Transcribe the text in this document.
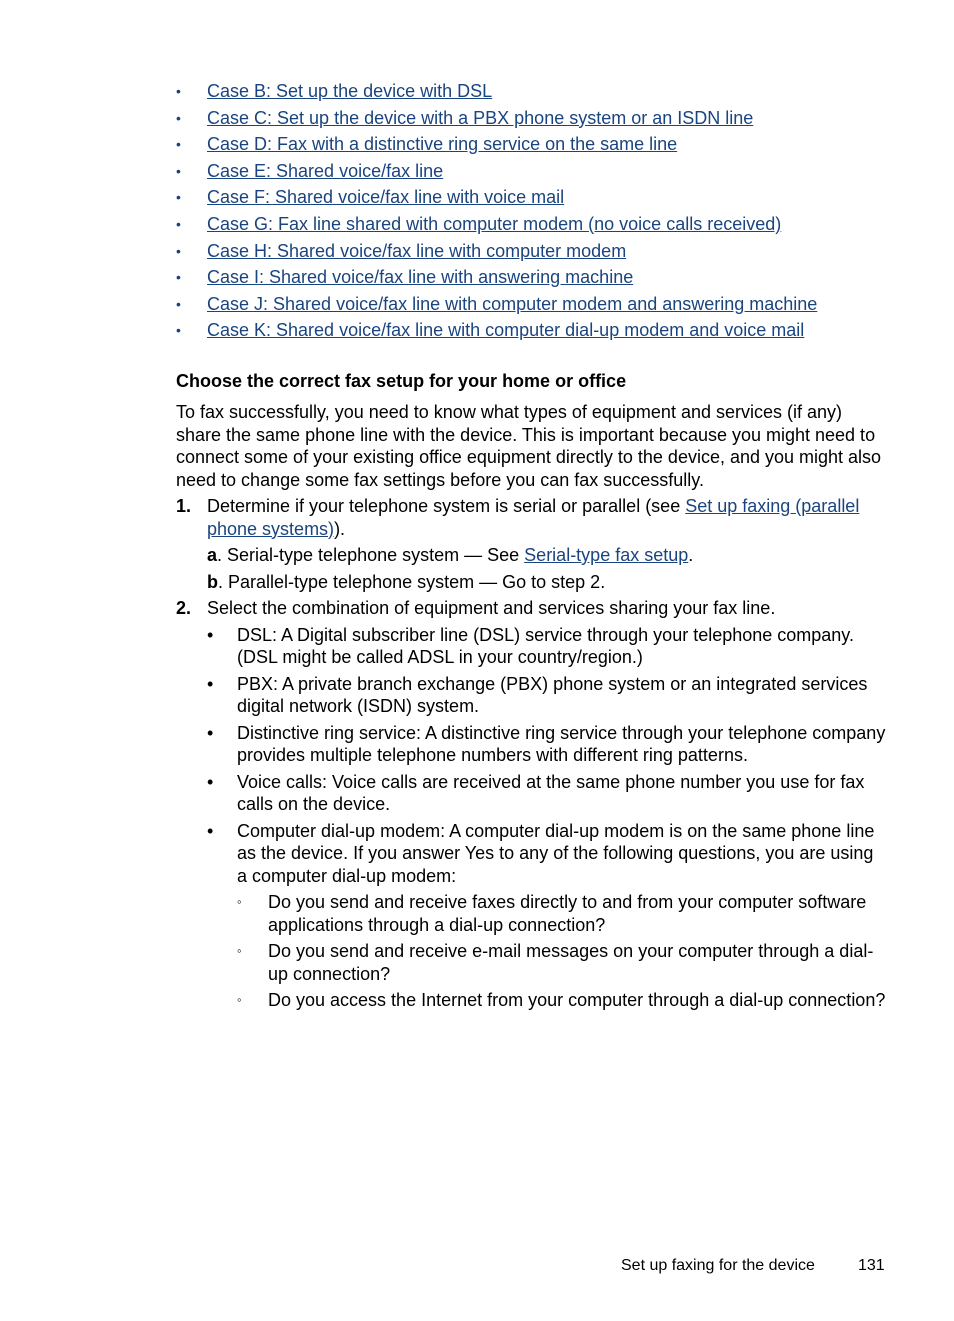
• Case B: Set up the device with DSL
• Case C: Set up the device with a PBX phone system or an ISDN line
• Case D: Fax with a distinctive ring service on the same line
• Case E: Shared voice/fax line
• Case F: Shared voice/fax line with voice mail
• Case G: Fax line shared with computer modem (no voice calls received)
• Case H: Shared voice/fax line with computer modem
• Case I: Shared voice/fax line with answering machine
• Case J: Shared voice/fax line with computer modem and answering machine
• Case K: Shared voice/fax line with computer dial-up modem and voice mail
Choose the correct fax setup for your home or office

To fax successfully, you need to know what types of equipment and services (if any) share the same phone line with the device. This is important because you might need to connect some of your existing office equipment directly to the device, and you might also need to change some fax settings before you can fax successfully.

1. Determine if your telephone system is serial or parallel (see Set up faxing (parallel phone systems)).
a. Serial-type telephone system — See Serial-type fax setup.
b. Parallel-type telephone system — Go to step 2.
2. Select the combination of equipment and services sharing your fax line.
• DSL: A Digital subscriber line (DSL) service through your telephone company. (DSL might be called ADSL in your country/region.)
• PBX: A private branch exchange (PBX) phone system or an integrated services digital network (ISDN) system.
• Distinctive ring service: A distinctive ring service through your telephone company provides multiple telephone numbers with different ring patterns.
• Voice calls: Voice calls are received at the same phone number you use for fax calls on the device.
• Computer dial-up modem: A computer dial-up modem is on the same phone line as the device. If you answer Yes to any of the following questions, you are using a computer dial-up modem:
◦ Do you send and receive faxes directly to and from your computer software applications through a dial-up connection?
◦ Do you send and receive e-mail messages on your computer through a dial-up connection?
◦ Do you access the Internet from your computer through a dial-up connection?
Set up faxing for the device	131
